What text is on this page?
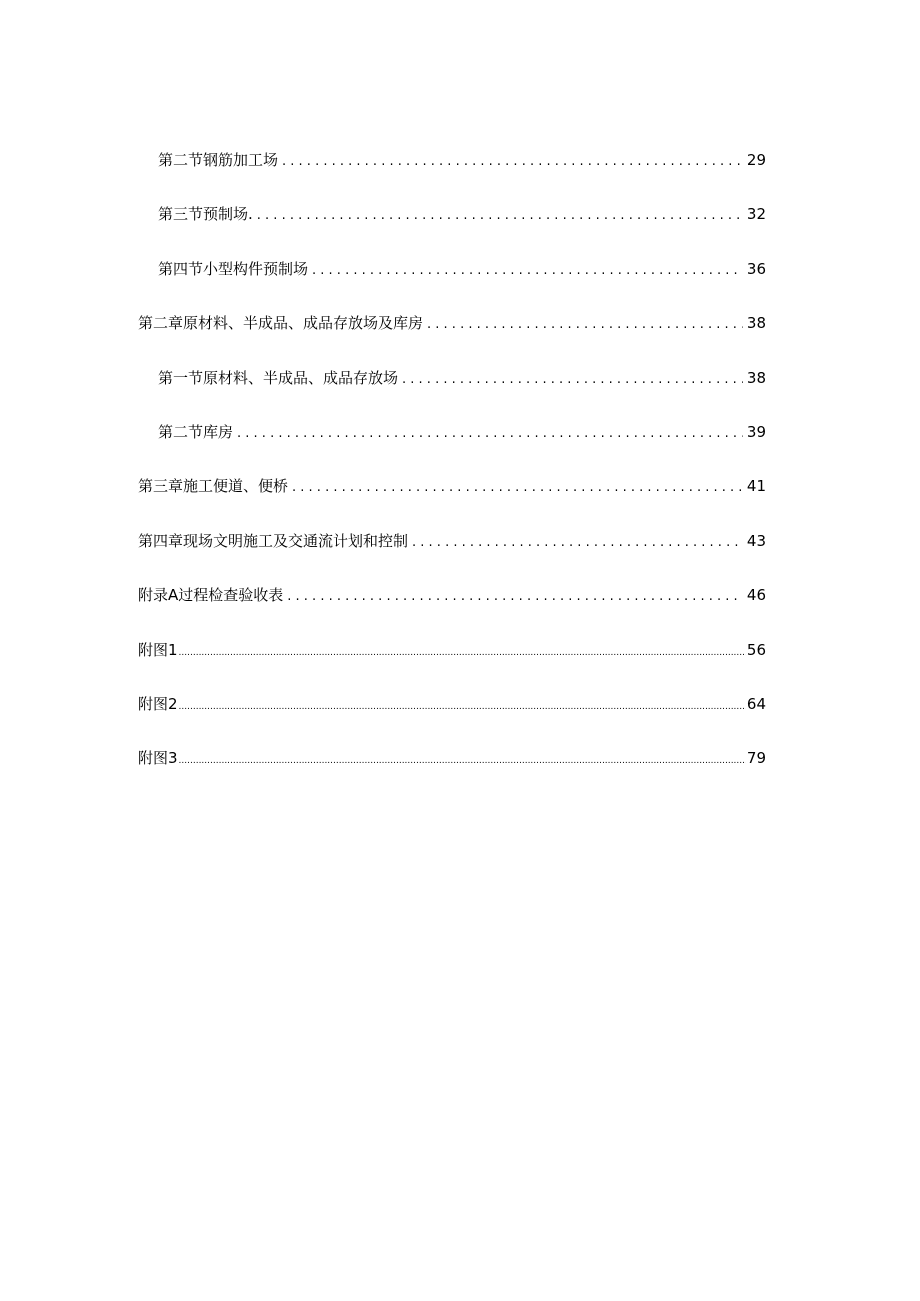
第二节钢筋加工场 . . .	29
第三节预制场. . . .	32
第四节小型构件预制场 . . .	36
第二章原材料、半成品、成品存放场及库房 . . .	38
第一节原材料、半成品、成品存放场 . . .	38
第二节库房 . . .	39
第三章施工便道、便桥 . . .	41
第四章现场文明施工及交通流计划和控制 . . .	43
附录A过程检查验收表 . . .	46
附图1 .....	56
附图2 .....	64
附图3 .....	79
